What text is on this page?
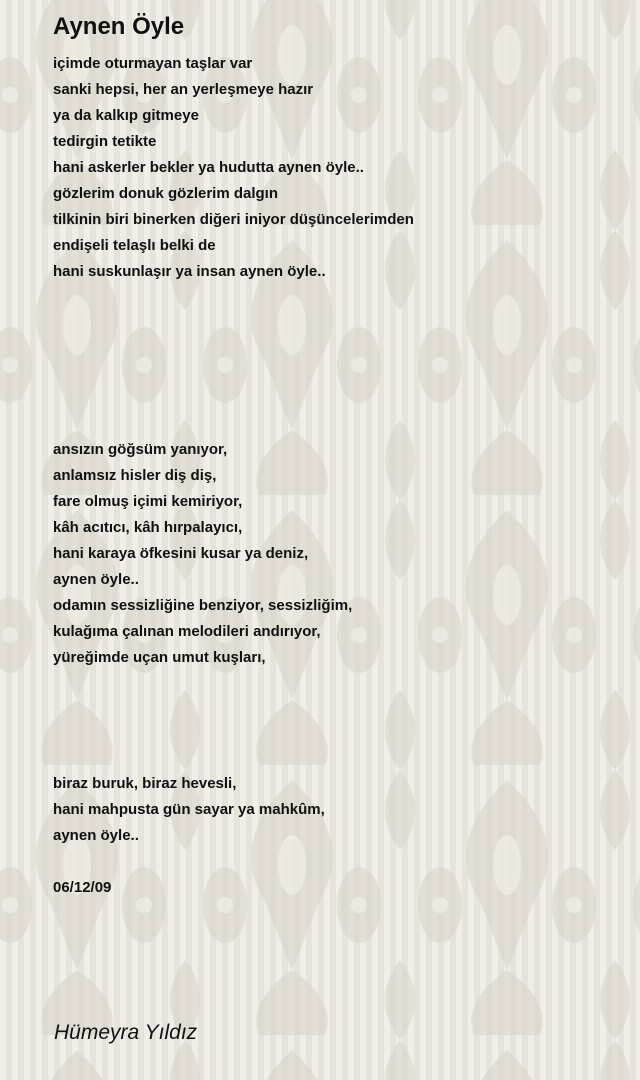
Aynen Öyle
içimde oturmayan taşlar var
sanki hepsi, her an yerleşmeye hazır
ya da kalkıp gitmeye
tedirgin tetikte
hani askerler bekler ya hudutta aynen öyle..
gözlerim donuk gözlerim dalgın
tilkinin biri binerken diğeri iniyor düşüncelerimden
endişeli telaşlı belki de
hani suskunlaşır ya insan aynen öyle..
ansızın göğsüm yanıyor,
anlamsız hisler diş diş,
fare olmuş içimi kemiriyor,
kâh acıtıcı, kâh hırpalayıcı,
hani karaya öfkesini kusar ya deniz,
aynen öyle..
odamın sessizliğine benziyor, sessizliğim,
kulağıma çalınan melodileri andırıyor,
yüreğimde uçan umut kuşları,
biraz buruk, biraz hevesli,
hani mahpusta gün sayar ya mahkûm,
aynen öyle..
06/12/09
Hümeyra Yıldız
